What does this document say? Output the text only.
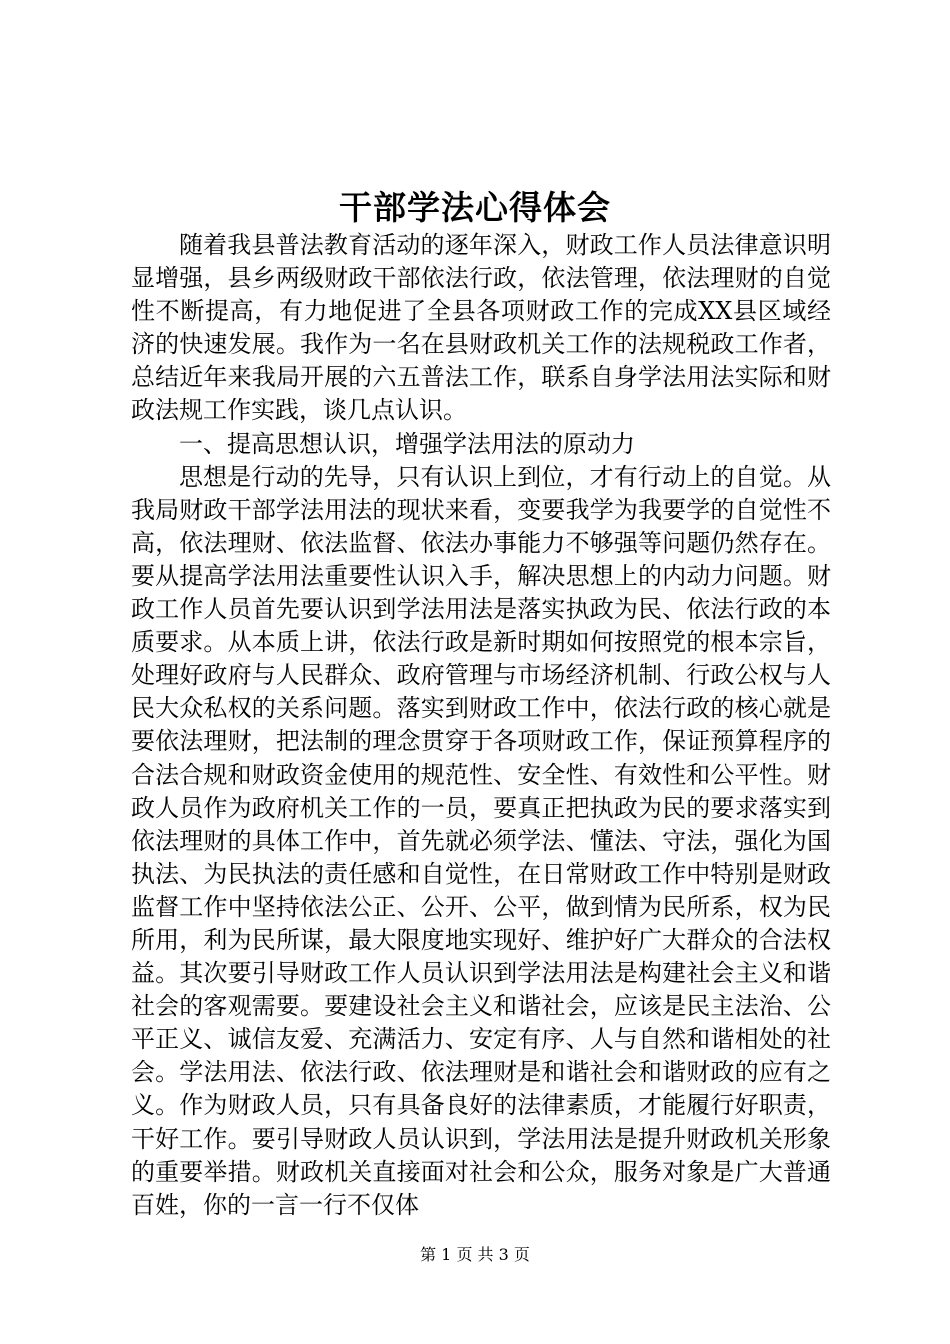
干部学法心得体会

随着我县普法教育活动的逐年深入，财政工作人员法律意识明显增强，县乡两级财政干部依法行政，依法管理，依法理财的自觉性不断提高，有力地促进了全县各项财政工作的完成XX县区域经济的快速发展。我作为一名在县财政机关工作的法规税政工作者，总结近年来我局开展的六五普法工作，联系自身学法用法实际和财政法规工作实践，谈几点认识。

一、提高思想认识，增强学法用法的原动力

思想是行动的先导，只有认识上到位，才有行动上的自觉。从我局财政干部学法用法的现状来看，变要我学为我要学的自觉性不高，依法理财、依法监督、依法办事能力不够强等问题仍然存在。要从提高学法用法重要性认识入手，解决思想上的内动力问题。财政工作人员首先要认识到学法用法是落实执政为民、依法行政的本质要求。从本质上讲，依法行政是新时期如何按照党的根本宗旨，处理好政府与人民群众、政府管理与市场经济机制、行政公权与人民大众私权的关系问题。落实到财政工作中，依法行政的核心就是要依法理财，把法制的理念贯穿于各项财政工作，保证预算程序的合法合规和财政资金使用的规范性、安全性、有效性和公平性。财政人员作为政府机关工作的一员，要真正把执政为民的要求落实到依法理财的具体工作中，首先就必须学法、懂法、守法，强化为国执法、为民执法的责任感和自觉性，在日常财政工作中特别是财政监督工作中坚持依法公正、公开、公平，做到情为民所系，权为民所用，利为民所谋，最大限度地实现好、维护好广大群众的合法权益。其次要引导财政工作人员认识到学法用法是构建社会主义和谐社会的客观需要。要建设社会主义和谐社会，应该是民主法治、公平正义、诚信友爱、充满活力、安定有序、人与自然和谐相处的社会。学法用法、依法行政、依法理财是和谐社会和谐财政的应有之义。作为财政人员，只有具备良好的法律素质，才能履行好职责，干好工作。要引导财政人员认识到，学法用法是提升财政机关形象的重要举措。财政机关直接面对社会和公众，服务对象是广大普通百姓，你的一言一行不仅体

第 1 页 共 3 页
